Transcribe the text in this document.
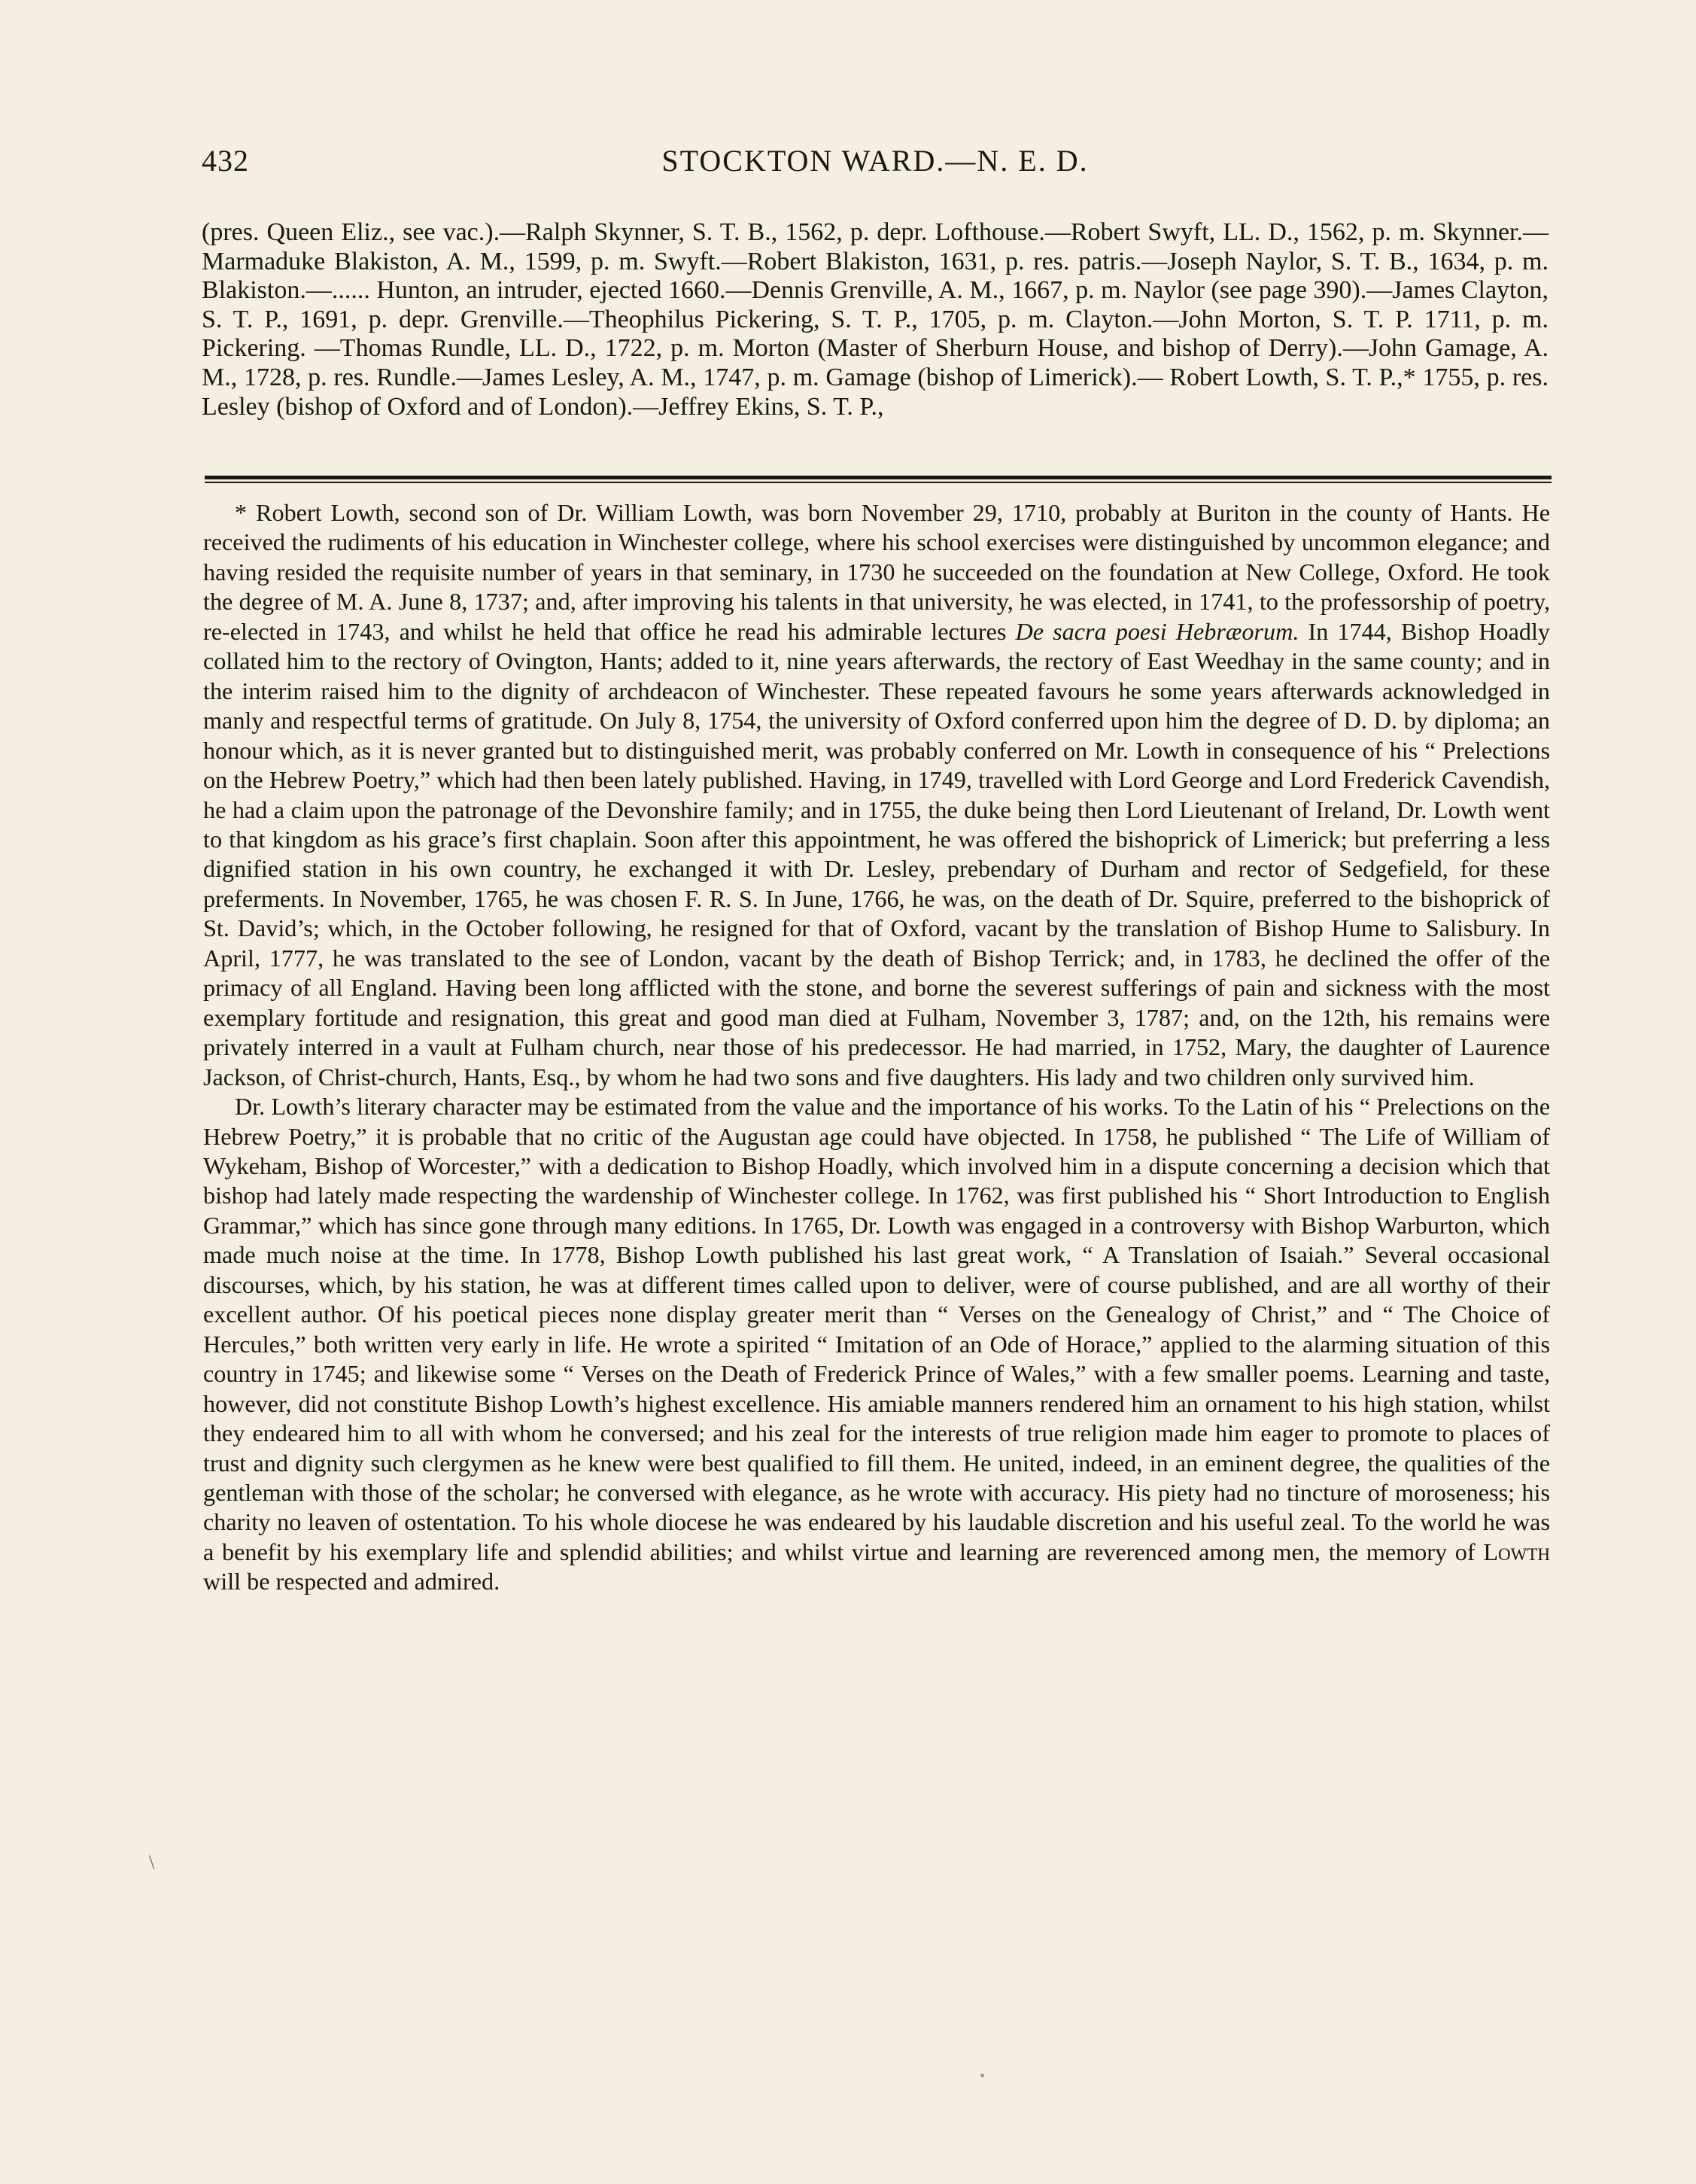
432	STOCKTON WARD.—N. E. D.

(pres. Queen Eliz., see vac.).—Ralph Skynner, S. T. B., 1562, p. depr. Lofthouse.—Robert Swyft, LL. D., 1562, p. m. Skynner.—Marmaduke Blakiston, A. M., 1599, p. m. Swyft.—Robert Blakiston, 1631, p. res. patris.—Joseph Naylor, S. T. B., 1634, p. m. Blakiston.—...... Hunton, an intruder, ejected 1660.—Dennis Grenville, A. M., 1667, p. m. Naylor (see page 390).—James Clayton, S. T. P., 1691, p. depr. Grenville.—Theophilus Pickering, S. T. P., 1705, p. m. Clayton.—John Morton, S. T. P. 1711, p. m. Pickering. —Thomas Rundle, LL. D., 1722, p. m. Morton (Master of Sherburn House, and bishop of Derry).—John Gamage, A. M., 1728, p. res. Rundle.—James Lesley, A. M., 1747, p. m. Gamage (bishop of Limerick).— Robert Lowth, S. T. P.,* 1755, p. res. Lesley (bishop of Oxford and of London).—Jeffrey Ekins, S. T. P.,

* Robert Lowth, second son of Dr. William Lowth, was born November 29, 1710, probably at Buriton in the county of Hants. He received the rudiments of his education in Winchester college, where his school exercises were distinguished by uncommon elegance; and having resided the requisite number of years in that seminary, in 1730 he succeeded on the foundation at New College, Oxford. He took the degree of M. A. June 8, 1737; and, after improving his talents in that university, he was elected, in 1741, to the professorship of poetry, re-elected in 1743, and whilst he held that office he read his admirable lectures De sacra poesi Hebræorum. In 1744, Bishop Hoadly collated him to the rectory of Ovington, Hants; added to it, nine years afterwards, the rectory of East Weedhay in the same county; and in the interim raised him to the dignity of archdeacon of Winchester. These repeated favours he some years afterwards acknowledged in manly and respectful terms of gratitude. On July 8, 1754, the university of Oxford conferred upon him the degree of D. D. by diploma; an honour which, as it is never granted but to distinguished merit, was probably conferred on Mr. Lowth in consequence of his “ Prelections on the Hebrew Poetry,” which had then been lately published. Having, in 1749, travelled with Lord George and Lord Frederick Cavendish, he had a claim upon the patronage of the Devonshire family; and in 1755, the duke being then Lord Lieutenant of Ireland, Dr. Lowth went to that kingdom as his grace’s first chaplain. Soon after this appointment, he was offered the bishoprick of Limerick; but preferring a less dignified station in his own country, he exchanged it with Dr. Lesley, prebendary of Durham and rector of Sedgefield, for these preferments. In November, 1765, he was chosen F. R. S. In June, 1766, he was, on the death of Dr. Squire, preferred to the bishoprick of St. David’s; which, in the October following, he resigned for that of Oxford, vacant by the translation of Bishop Hume to Salisbury. In April, 1777, he was translated to the see of London, vacant by the death of Bishop Terrick; and, in 1783, he declined the offer of the primacy of all England. Having been long afflicted with the stone, and borne the severest sufferings of pain and sickness with the most exemplary fortitude and resignation, this great and good man died at Fulham, November 3, 1787; and, on the 12th, his remains were privately interred in a vault at Fulham church, near those of his predecessor. He had married, in 1752, Mary, the daughter of Laurence Jackson, of Christ-church, Hants, Esq., by whom he had two sons and five daughters. His lady and two children only survived him.

Dr. Lowth’s literary character may be estimated from the value and the importance of his works. To the Latin of his “ Prelections on the Hebrew Poetry,” it is probable that no critic of the Augustan age could have objected. In 1758, he published “ The Life of William of Wykeham, Bishop of Worcester,” with a dedication to Bishop Hoadly, which involved him in a dispute concerning a decision which that bishop had lately made respecting the wardenship of Winchester college. In 1762, was first published his “ Short Introduction to English Grammar,” which has since gone through many editions. In 1765, Dr. Lowth was engaged in a controversy with Bishop Warburton, which made much noise at the time. In 1778, Bishop Lowth published his last great work, “ A Translation of Isaiah.” Several occasional discourses, which, by his station, he was at different times called upon to deliver, were of course published, and are all worthy of their excellent author. Of his poetical pieces none display greater merit than “ Verses on the Genealogy of Christ,” and “ The Choice of Hercules,” both written very early in life. He wrote a spirited “ Imitation of an Ode of Horace,” applied to the alarming situation of this country in 1745; and likewise some “ Verses on the Death of Frederick Prince of Wales,” with a few smaller poems. Learning and taste, however, did not constitute Bishop Lowth’s highest excellence. His amiable manners rendered him an ornament to his high station, whilst they endeared him to all with whom he conversed; and his zeal for the interests of true religion made him eager to promote to places of trust and dignity such clergymen as he knew were best qualified to fill them. He united, indeed, in an eminent degree, the qualities of the gentleman with those of the scholar; he conversed with elegance, as he wrote with accuracy. His piety had no tincture of moroseness; his charity no leaven of ostentation. To his whole diocese he was endeared by his laudable discretion and his useful zeal. To the world he was a benefit by his exemplary life and splendid abilities; and whilst virtue and learning are reverenced among men, the memory of Lowth will be respected and admired.

\
•
